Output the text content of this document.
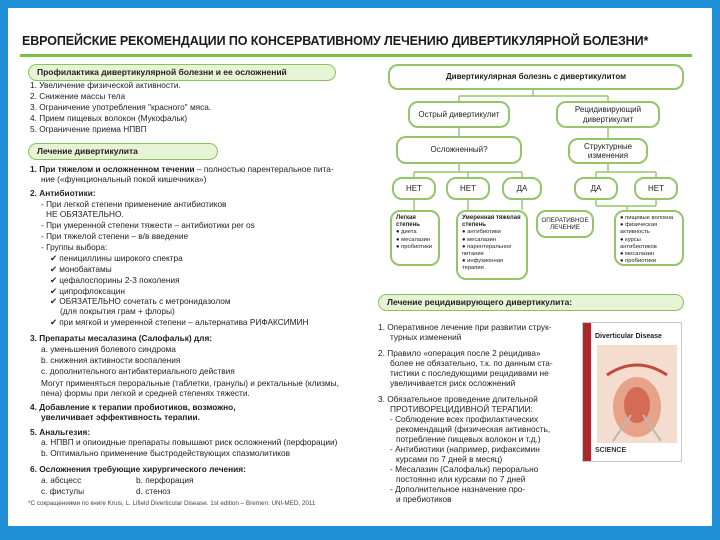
ЕВРОПЕЙСКИЕ РЕКОМЕНДАЦИИ ПО КОНСЕРВАТИВНОМУ ЛЕЧЕНИЮ ДИВЕРТИКУЛЯРНОЙ БОЛЕЗНИ*
Профилактика дивертикулярной болезни и ее осложнений
1. Увеличение физической активности.
2. Снижение массы тела
3. Ограничение употребления "красного" мяса.
4. Прием пищевых волокон (Мукофальк)
5. Ограничение приема НПВП
Лечение дивертикулита
1. При тяжелом и осложненном течении – полностью парентеральное пита-
ние («функциональный покой кишечника»)
2. Антибиотики:
- При легкой степени применение антибиотиков
НЕ ОБЯЗАТЕЛЬНО.
- При умеренной степени тяжести – антибиотики per os
- При тяжелой степени – в/в введение
- Группы выбора:
✔ пенициллины широкого спектра
✔ монобактамы
✔ цефалоспорины 2-3 поколения
✔ ципрофлоксацин
✔ ОБЯЗАТЕЛЬНО сочетать с метронидазолом
(для покрытия грам + флоры)
✔ при мягкой и умеренной степени – альтернатива РИФАКСИМИН
3. Препараты месалазина (Салофальк) для:
a. уменьшения болевого синдрома
b. снижения активности воспаления
c. дополнительного антибактериального действия
Могут применяться пероральные (таблетки, гранулы) и ректальные (клизмы,
пена) формы при легкой и средней степенях тяжести.
4. Добавление к терапии пробиотиков, возможно,
увеличивает эффективность терапии.
5. Анальгезия:
a. НПВП и опиоидные препараты повышают риск осложнений (перфорации)
b. Оптимально применение быстродействующих спазмолитиков
6. Осложнения требующие хирургического лечения:
a. абсцесс
c. фистулы
b. перфорация
d. стеноз
*С сокращениями по книге Kruis, L. Lifield Diverticular Disease. 1st edition – Bremen: UNI-MED, 2011
Дивертикулярная болезнь с дивертикулитом
Острый дивертикулит
Рецидивирующий дивертикулит
Осложненный?	Структурные изменения
НЕТ	НЕТ	ДА	ДА	НЕТ
Легкая степень
● диета
● месалазин
● пробиотики
Умеренная тяжелая степень
● антибиотики
● месалазин
● парентеральное питание
● инфузионная терапия
ОПЕРАТИВНОЕ ЛЕЧЕНИЕ
● пищевые волокна
● физическая активность
● курсы антибиотиков
● месалазин
● пробиотики
Лечение рецидивирующего дивертикулита:
1. Оперативное лечение при развитии струк-
турных изменений
2. Правило «операция после 2 рецидива»
более не обязательно, т.к. по данным ста-
тистики с последующими рецидивами не
увеличивается риск осложнений
3. Обязательное проведение длительной
ПРОТИВОРЕЦИДИВНОЙ ТЕРАПИИ:
- Соблюдение всех профилактических
рекомендаций (физическая активность,
потребление пищевых волокон и т.д.)
- Антибиотики (например, рифаксимин
курсами по 7 дней в месяц)
- Месалазин (Салофальк) перорально
постоянно или курсами по 7 дней
- Дополнительное назначение про-
и пребиотиков
Diverticular Disease
SCIENCE
